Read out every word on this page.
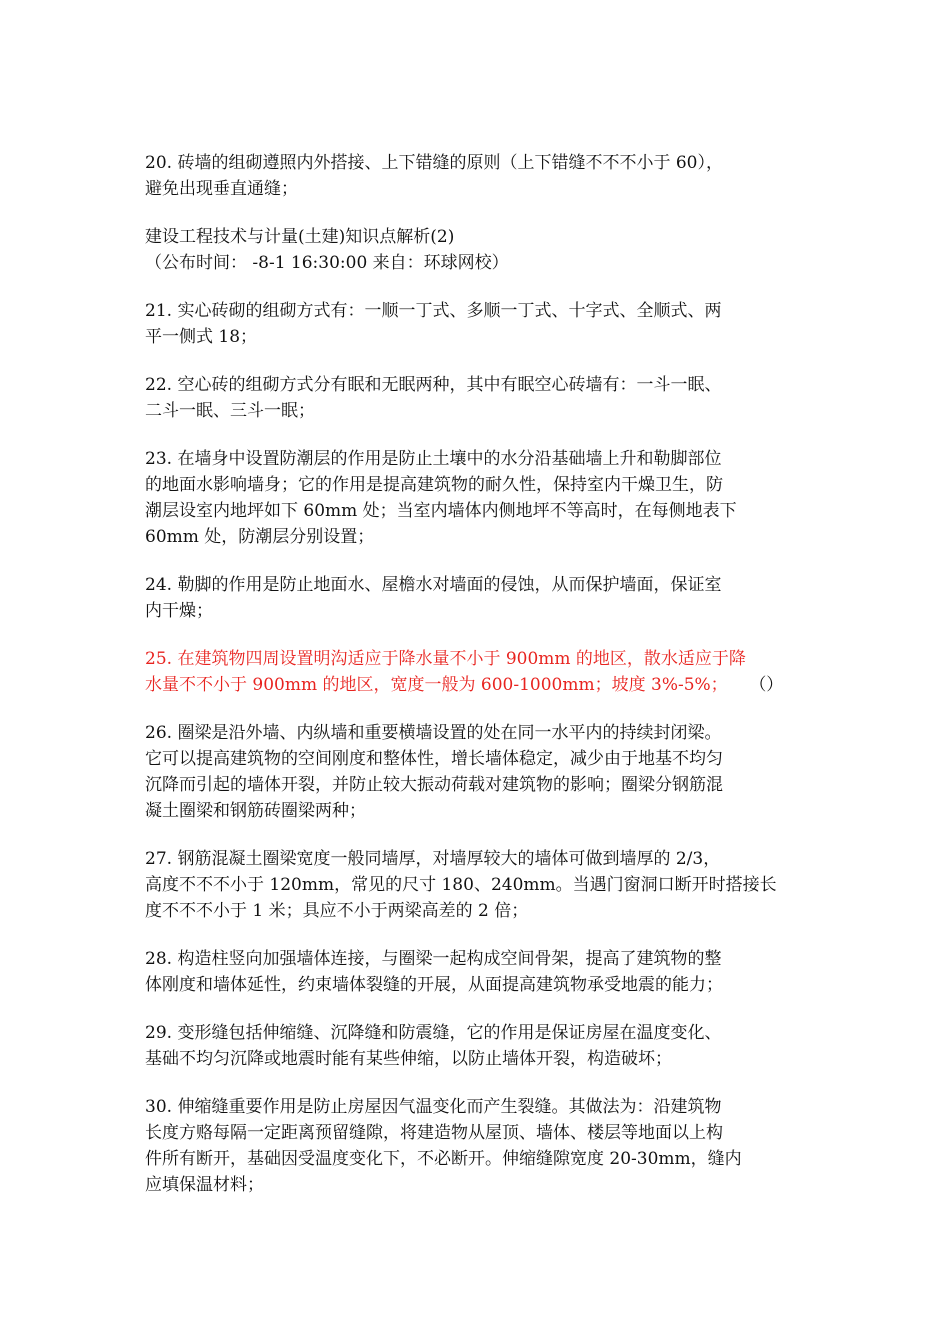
20. 砖墙的组砌遵照内外搭接、上下错缝的原则（上下错缝不不不小于 60），
避免出现垂直通缝；
建设工程技术与计量(土建)知识点解析(2)
（公布时间： -8-1 16:30:00 来自：环球网校）
21. 实心砖砌的组砌方式有：一顺一丁式、多顺一丁式、十字式、全顺式、两
平一侧式 18；
22. 空心砖的组砌方式分有眠和无眠两种，其中有眠空心砖墙有：一斗一眠、
二斗一眠、三斗一眠；
23. 在墙身中设置防潮层的作用是防止土壤中的水分沿基础墙上升和勒脚部位
的地面水影响墙身；它的作用是提高建筑物的耐久性，保持室内干燥卫生，防
潮层设室内地坪如下 60mm 处；当室内墙体内侧地坪不等高时，在每侧地表下
60mm 处，防潮层分别设置；
24. 勒脚的作用是防止地面水、屋檐水对墙面的侵蚀，从而保护墙面，保证室
内干燥；
25. 在建筑物四周设置明沟适应于降水量不小于 900mm 的地区，散水适应于降
水量不不小于 900mm 的地区，宽度一般为 600-1000mm；坡度 3%-5%； （）
26. 圈梁是沿外墙、内纵墙和重要横墙设置的处在同一水平内的持续封闭梁。
它可以提高建筑物的空间刚度和整体性，增长墙体稳定，减少由于地基不均匀
沉降而引起的墙体开裂，并防止较大振动荷载对建筑物的影响；圈梁分钢筋混
凝土圈梁和钢筋砖圈梁两种；
27. 钢筋混凝土圈梁宽度一般同墙厚，对墙厚较大的墙体可做到墙厚的 2/3，
高度不不不小于 120mm，常见的尺寸 180、240mm。当遇门窗洞口断开时搭接长
度不不不小于 1 米；具应不小于两梁高差的 2 倍；
28. 构造柱竖向加强墙体连接，与圈梁一起构成空间骨架，提高了建筑物的整
体刚度和墙体延性，约束墙体裂缝的开展，从面提高建筑物承受地震的能力；
29. 变形缝包括伸缩缝、沉降缝和防震缝，它的作用是保证房屋在温度变化、
基础不均匀沉降或地震时能有某些伸缩，以防止墙体开裂，构造破坏；
30. 伸缩缝重要作用是防止房屋因气温变化而产生裂缝。其做法为：沿建筑物
长度方赂每隔一定距离预留缝隙，将建造物从屋顶、墙体、楼层等地面以上构
件所有断开，基础因受温度变化下，不必断开。伸缩缝隙宽度 20-30mm，缝内
应填保温材料；
